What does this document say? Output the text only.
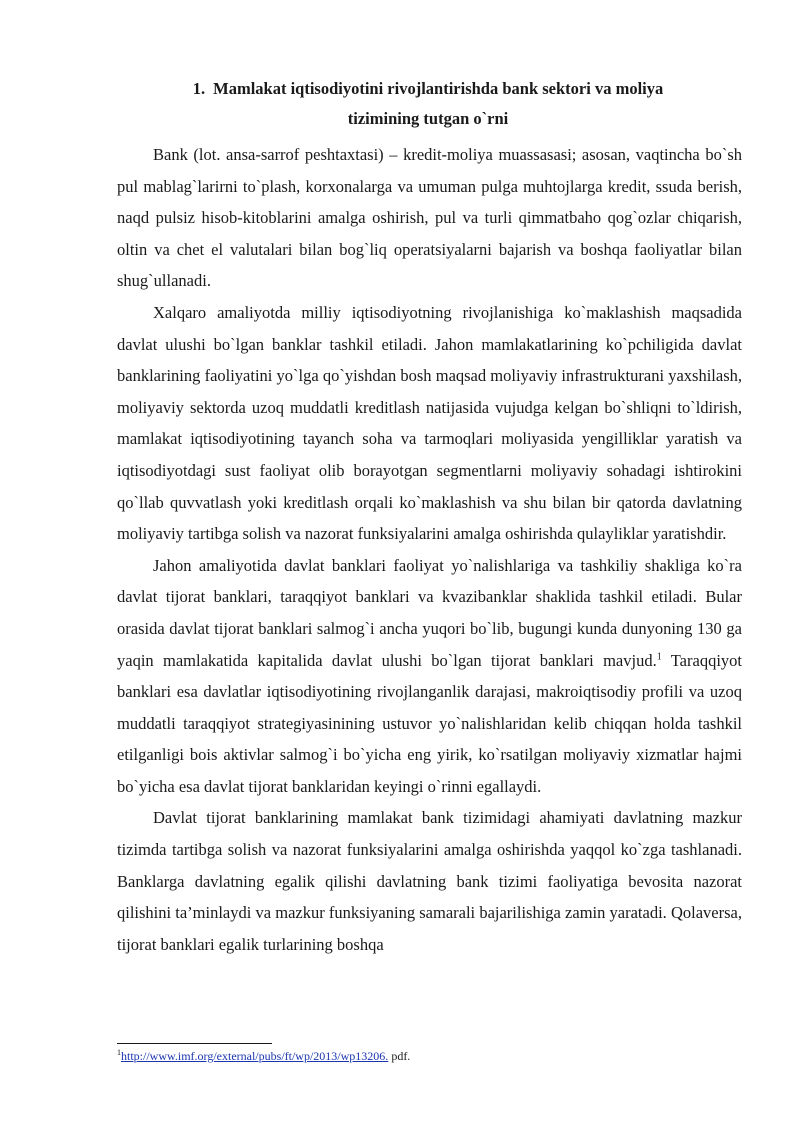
1. Mamlakat iqtisodiyotini rivojlantirishda bank sektori va moliya
tizimining tutgan o`rni

Bank (lot. ansa-sarrof peshtaxtasi) – kredit-moliya muassasasi; asosan, vaqtincha bo`sh pul mablag`larirni to`plash, korxonalarga va umuman pulga muhtojlarga kredit, ssuda berish, naqd pulsiz hisob-kitoblarini amalga oshirish, pul va turli qimmatbaho qog`ozlar chiqarish, oltin va chet el valutalari bilan bog`liq operatsiyalarni bajarish va boshqa faoliyatlar bilan shug`ullanadi.

Xalqaro amaliyotda milliy iqtisodiyotning rivojlanishiga ko`maklashish maqsadida davlat ulushi bo`lgan banklar tashkil etiladi. Jahon mamlakatlarining ko`pchiligida davlat banklarining faoliyatini yo`lga qo`yishdan bosh maqsad moliyaviy infrastrukturani yaxshilash, moliyaviy sektorda uzoq muddatli kreditlash natijasida vujudga kelgan bo`shliqni to`ldirish, mamlakat iqtisodiyotining tayanch soha va tarmoqlari moliyasida yengilliklar yaratish va iqtisodiyotdagi sust faoliyat olib borayotgan segmentlarni moliyaviy sohadagi ishtirokini qo`llab quvvatlash yoki kreditlash orqali ko`maklashish va shu bilan bir qatorda davlatning moliyaviy tartibga solish va nazorat funksiyalarini amalga oshirishda qulayliklar yaratishdir.

Jahon amaliyotida davlat banklari faoliyat yo`nalishlariga va tashkiliy shakliga ko`ra davlat tijorat banklari, taraqqiyot banklari va kvazibanklar shaklida tashkil etiladi. Bular orasida davlat tijorat banklari salmog`i ancha yuqori bo`lib, bugungi kunda dunyoning 130 ga yaqin mamlakatida kapitalida davlat ulushi bo`lgan tijorat banklari mavjud.$^1$ Taraqqiyot banklari esa davlatlar iqtisodiyotining rivojlanganlik darajasi, makroiqtisodiy profili va uzoq muddatli taraqqiyot strategiyasinining ustuvor yo`nalishlaridan kelib chiqqan holda tashkil etilganligi bois aktivlar salmog`i bo`yicha eng yirik, ko`rsatilgan moliyaviy xizmatlar hajmi bo`yicha esa davlat tijorat banklaridan keyingi o`rinni egallaydi.

Davlat tijorat banklarining mamlakat bank tizimidagi ahamiyati davlatning mazkur tizimda tartibga solish va nazorat funksiyalarini amalga oshirishda yaqqol ko`zga tashlanadi. Banklarga davlatning egalik qilishi davlatning bank tizimi faoliyatiga bevosita nazorat qilishini ta’minlaydi va mazkur funksiyaning samarali bajarilishiga zamin yaratadi. Qolaversa, tijorat banklari egalik turlarining boshqa

$^1$http://www.imf.org/external/pubs/ft/wp/2013/wp13206. pdf.
